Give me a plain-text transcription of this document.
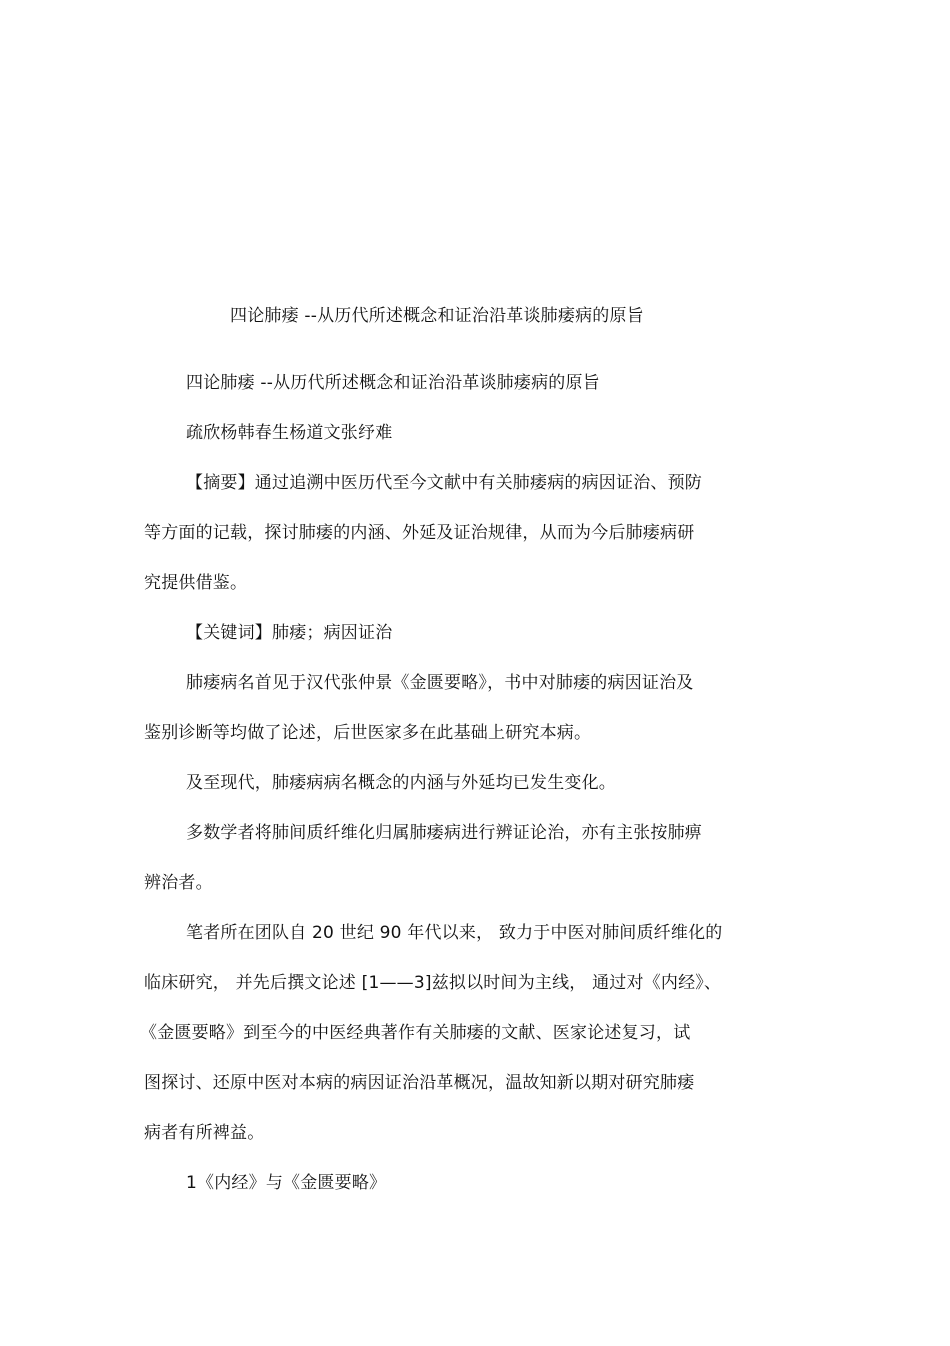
四论肺痿 --从历代所述概念和证治沿革谈肺痿病的原旨
四论肺痿 --从历代所述概念和证治沿革谈肺痿病的原旨
疏欣杨韩春生杨道文张纾难
【摘要】通过追溯中医历代至今文献中有关肺痿病的病因证治、预防
等方面的记载，探讨肺痿的内涵、外延及证治规律，从而为今后肺痿病研
究提供借鉴。
【关键词】肺痿；病因证治
肺痿病名首见于汉代张仲景《金匮要略》，书中对肺痿的病因证治及
鉴别诊断等均做了论述，后世医家多在此基础上研究本病。
及至现代，肺痿病病名概念的内涵与外延均已发生变化。
多数学者将肺间质纤维化归属肺痿病进行辨证论治，亦有主张按肺痹
辨治者。
笔者所在团队自 20 世纪 90 年代以来， 致力于中医对肺间质纤维化的
临床研究， 并先后撰文论述 [1——3]兹拟以时间为主线， 通过对《内经》、
《金匮要略》到至今的中医经典著作有关肺痿的文献、医家论述复习，试
图探讨、还原中医对本病的病因证治沿革概况，温故知新以期对研究肺痿
病者有所裨益。
1《内经》与《金匮要略》
